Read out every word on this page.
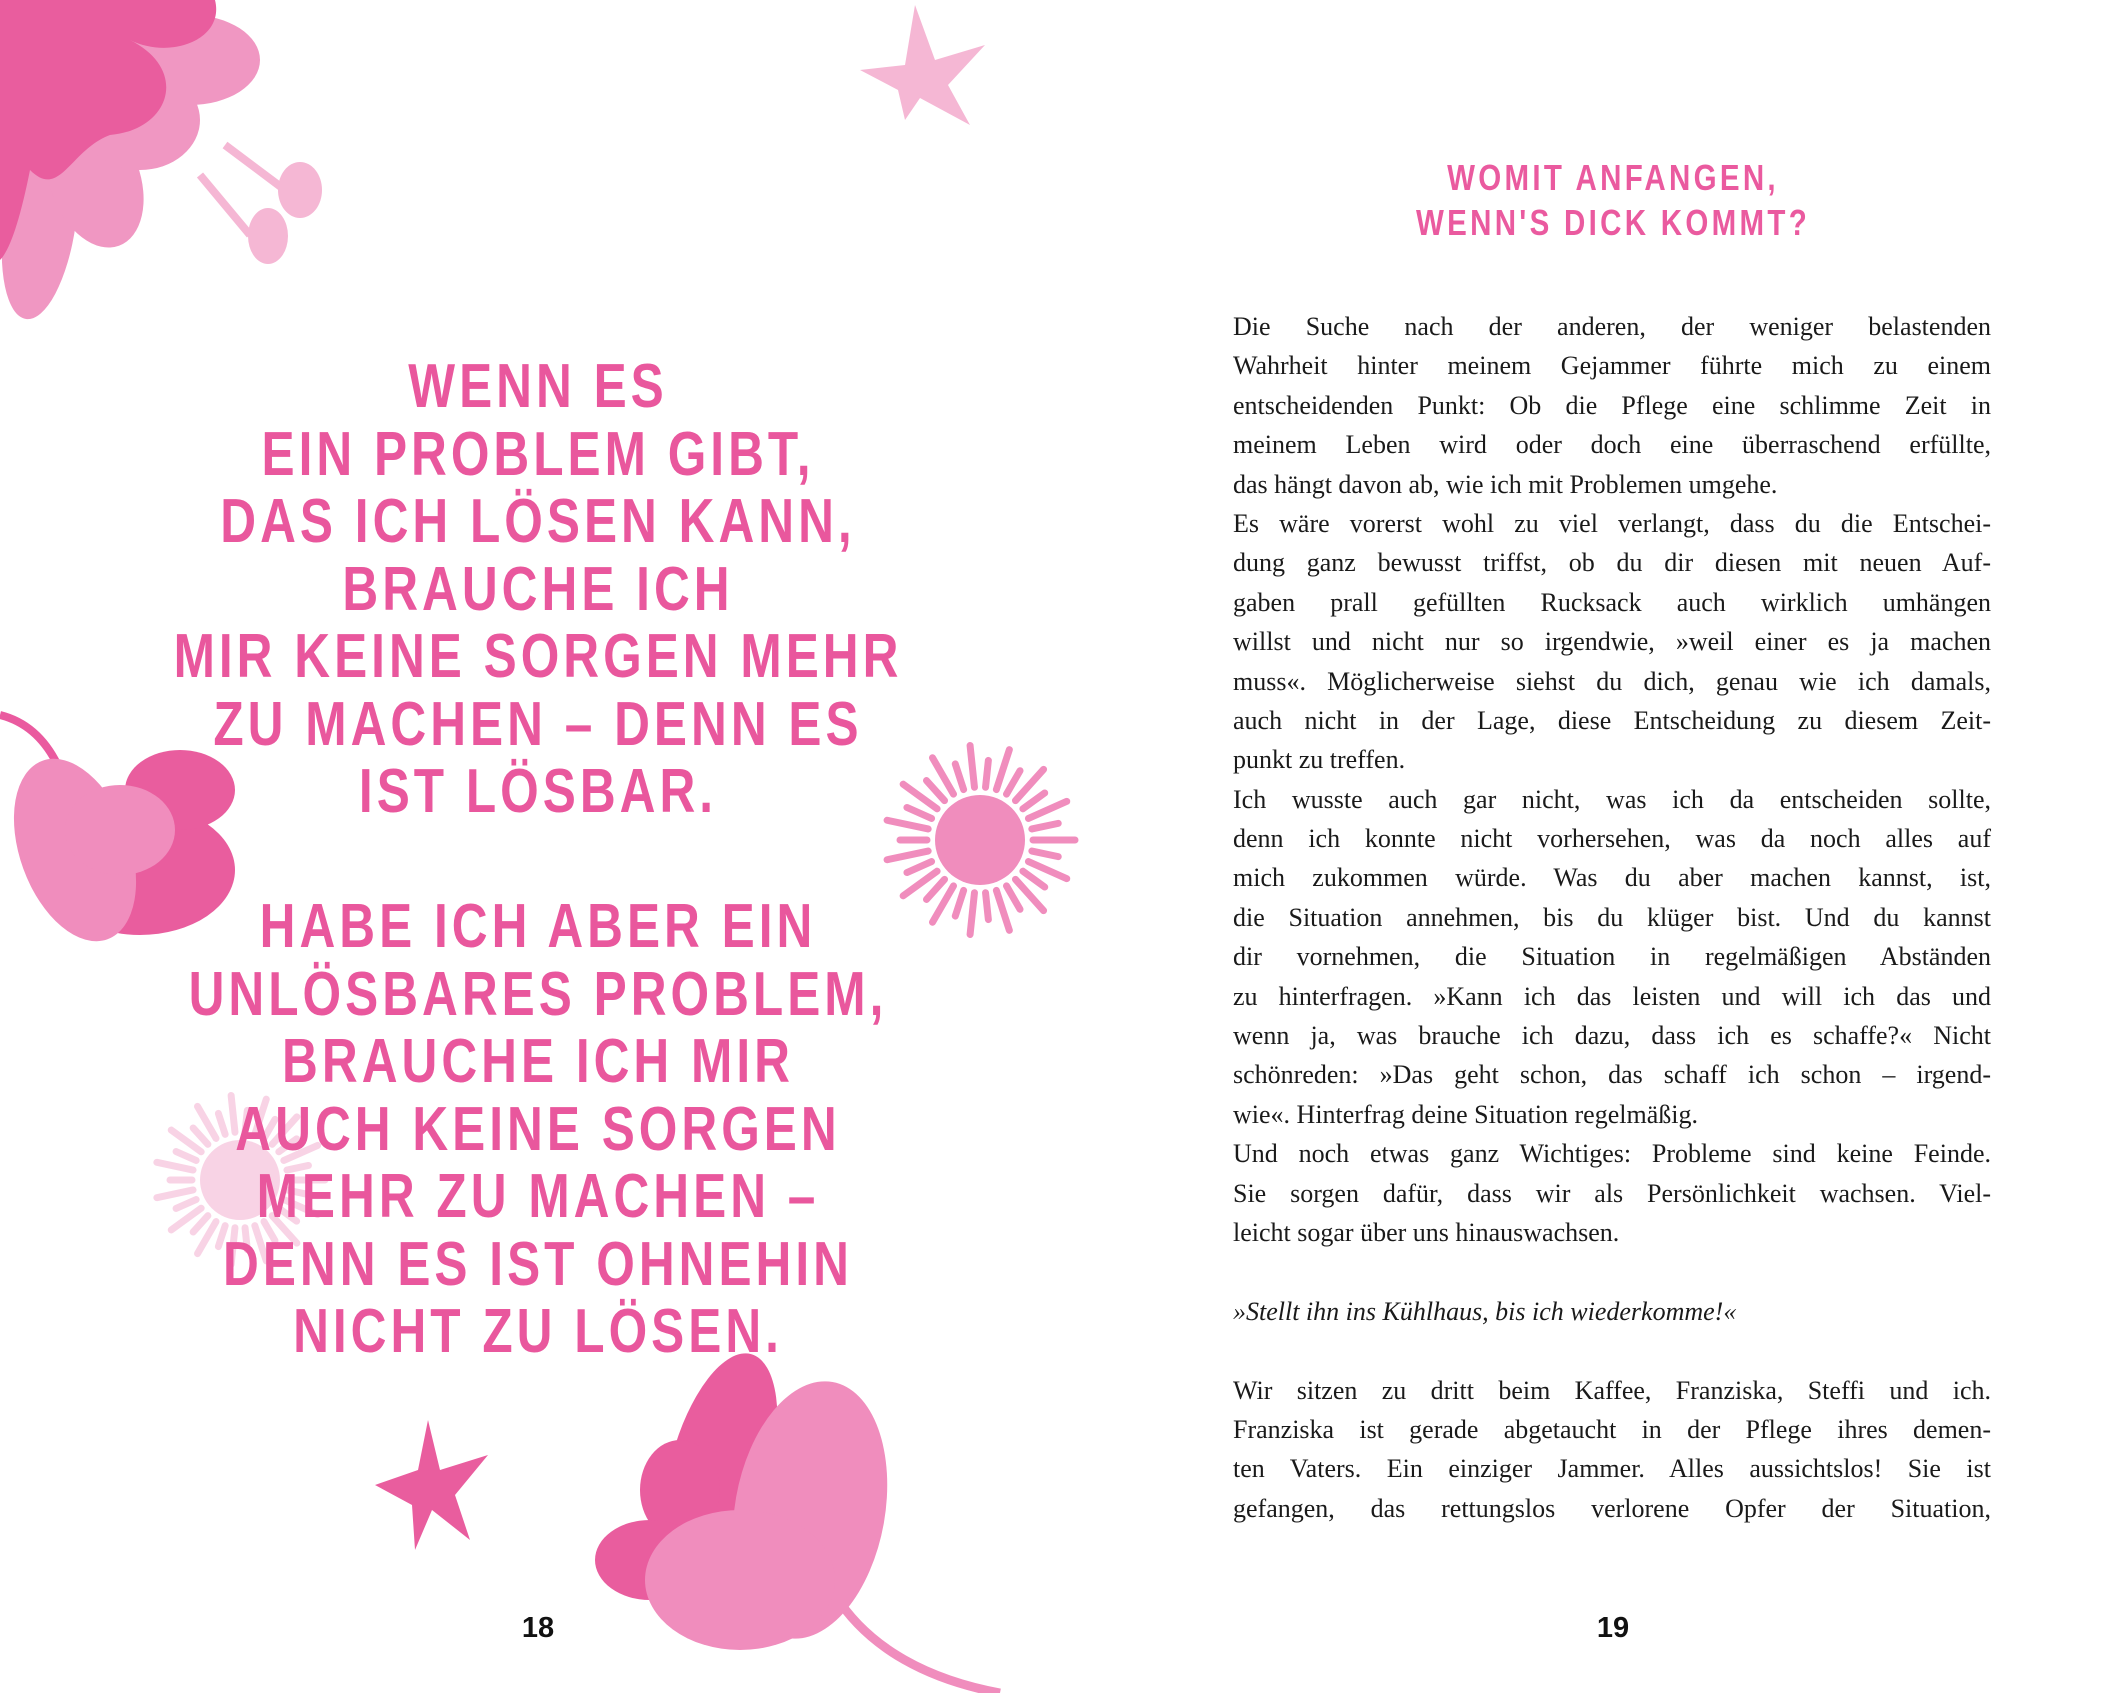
WENN ES
EIN PROBLEM GIBT,
DAS ICH LÖSEN KANN,
BRAUCHE ICH
MIR KEINE SORGEN MEHR
ZU MACHEN – DENN ES
IST LÖSBAR.
HABE ICH ABER EIN
UNLÖSBARES PROBLEM,
BRAUCHE ICH MIR
AUCH KEINE SORGEN
MEHR ZU MACHEN –
DENN ES IST OHNEHIN
NICHT ZU LÖSEN.
18
WOMIT ANFANGEN,
WENN'S DICK KOMMT?
Die Suche nach der anderen, der weniger belastenden
Wahrheit hinter meinem Gejammer führte mich zu einem
entscheidenden Punkt: Ob die Pflege eine schlimme Zeit in
meinem Leben wird oder doch eine überraschend erfüllte,
das hängt davon ab, wie ich mit Problemen umgehe.
Es wäre vorerst wohl zu viel verlangt, dass du die Entschei-
dung ganz bewusst triffst, ob du dir diesen mit neuen Auf-
gaben prall gefüllten Rucksack auch wirklich umhängen
willst und nicht nur so irgendwie, »weil einer es ja machen
muss«. Möglicherweise siehst du dich, genau wie ich damals,
auch nicht in der Lage, diese Entscheidung zu diesem Zeit-
punkt zu treffen.
Ich wusste auch gar nicht, was ich da entscheiden sollte,
denn ich konnte nicht vorhersehen, was da noch alles auf
mich zukommen würde. Was du aber machen kannst, ist,
die Situation annehmen, bis du klüger bist. Und du kannst
dir vornehmen, die Situation in regelmäßigen Abständen
zu hinterfragen. »Kann ich das leisten und will ich das und
wenn ja, was brauche ich dazu, dass ich es schaffe?« Nicht
schönreden: »Das geht schon, das schaff ich schon – irgend-
wie«. Hinterfrag deine Situation regelmäßig.
Und noch etwas ganz Wichtiges: Probleme sind keine Feinde.
Sie sorgen dafür, dass wir als Persönlichkeit wachsen. Viel-
leicht sogar über uns hinauswachsen.
»Stellt ihn ins Kühlhaus, bis ich wiederkomme!«
Wir sitzen zu dritt beim Kaffee, Franziska, Steffi und ich.
Franziska ist gerade abgetaucht in der Pflege ihres demen-
ten Vaters. Ein einziger Jammer. Alles aussichtslos! Sie ist
gefangen, das rettungslos verlorene Opfer der Situation,
19
